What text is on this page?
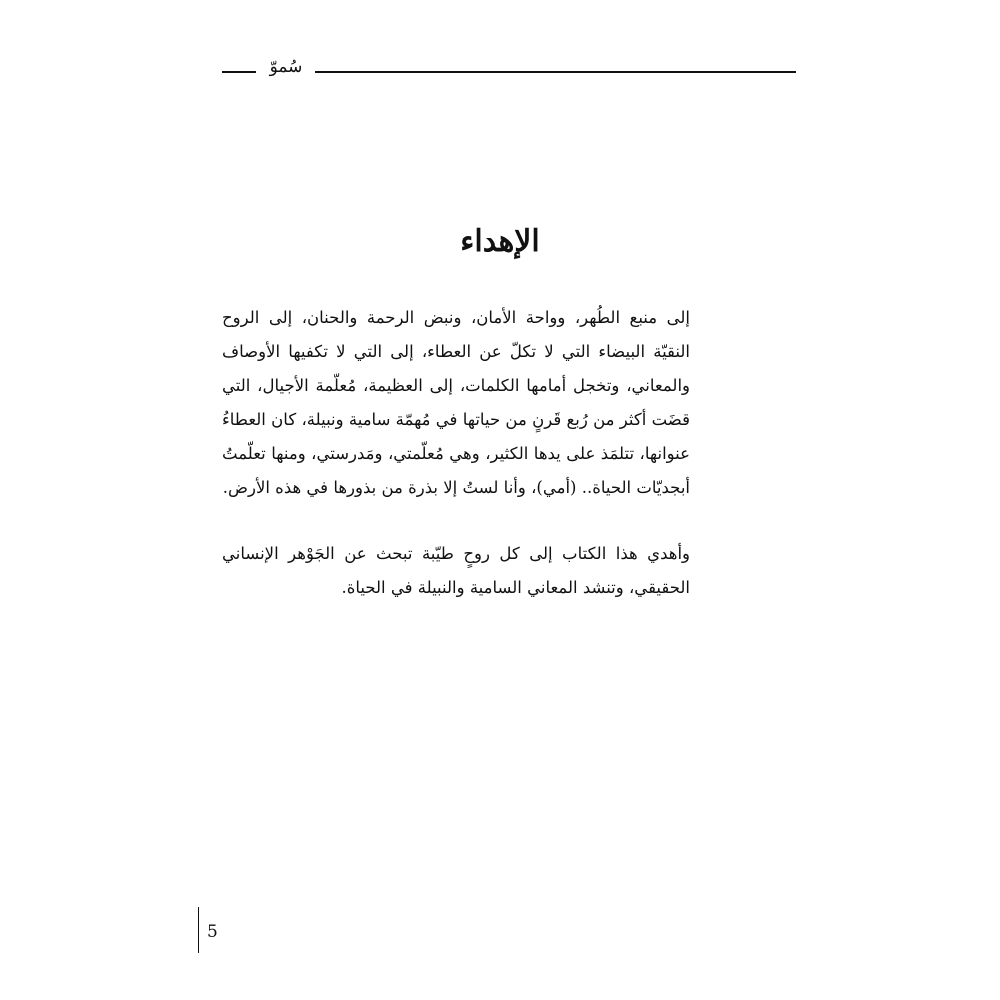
سُموّ
الإهداء

إلى منبع الطُهر، وواحة الأمان، ونبض الرحمة والحنان، إلى الروح النقيّة البيضاء التي لا تكلّ عن العطاء، إلى التي لا تكفيها الأوصاف والمعاني، وتخجل أمامها الكلمات، إلى العظيمة، مُعلّمة الأجيال، التي قضَت أكثر من رُبع قَرنٍ من حياتها في مُهمّة سامية ونبيلة، كان العطاءُ عنوانها، تتلمَذ على يدها الكثير، وهي مُعلّمتي، ومَدرستي، ومنها تعلّمتُ أبجديّات الحياة.. (أمي)، وأنا لستُ إلا بذرة من بذورها في هذه الأرض.

وأهدي هذا الكتاب إلى كل روحٍ طيّبة تبحث عن الجَوْهر الإنساني الحقيقي، وتنشد المعاني السامية والنبيلة في الحياة.

5
